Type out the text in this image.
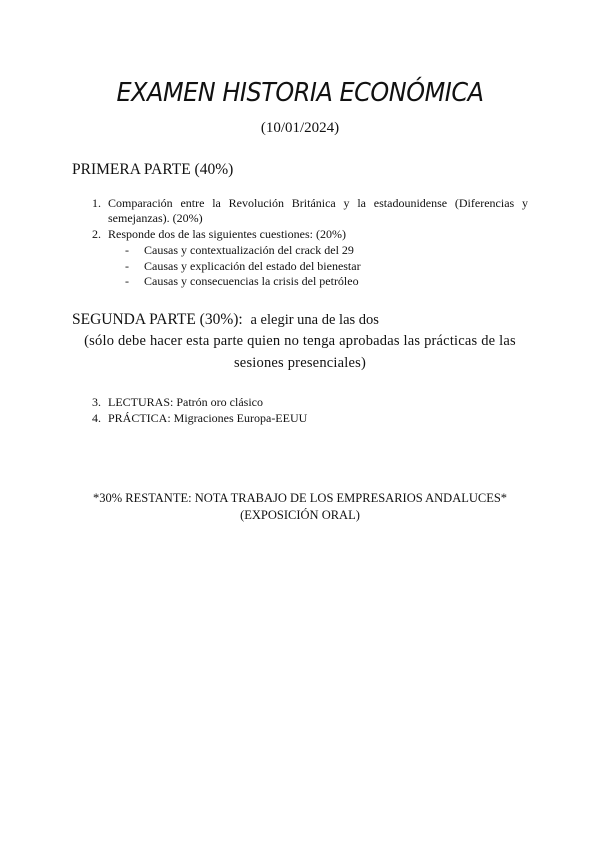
EXAMEN HISTORIA ECONÓMICA
(10/01/2024)
PRIMERA PARTE (40%)
1. Comparación entre la Revolución Británica y la estadounidense (Diferencias y semejanzas). (20%)
2. Responde dos de las siguientes cuestiones: (20%)
- Causas y contextualización del crack del 29
- Causas y explicación del estado del bienestar
- Causas y consecuencias la crisis del petróleo
SEGUNDA PARTE (30%): a elegir una de las dos
(sólo debe hacer esta parte quien no tenga aprobadas las prácticas de las sesiones presenciales)
3. LECTURAS: Patrón oro clásico
4. PRÁCTICA: Migraciones Europa-EEUU
*30% RESTANTE: NOTA TRABAJO DE LOS EMPRESARIOS ANDALUCES*
(EXPOSICIÓN ORAL)
